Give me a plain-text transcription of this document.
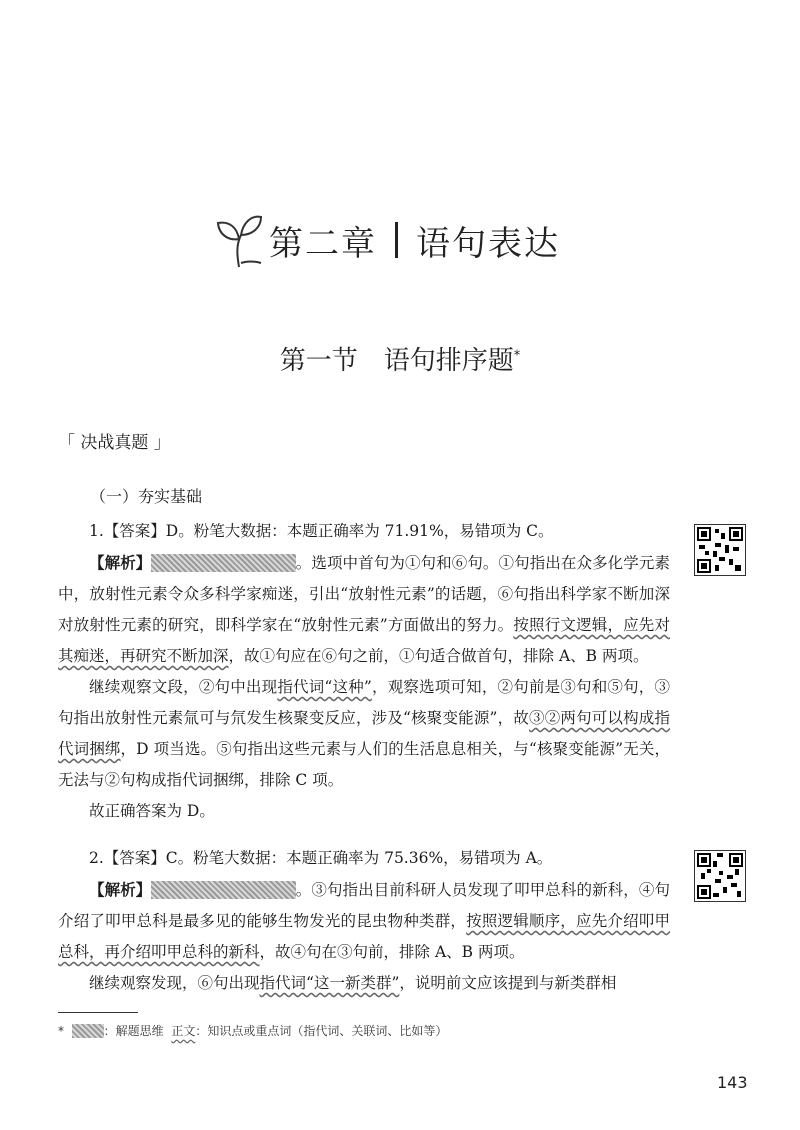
第二章 语句表达
第一节 语句排序题*
「 决战真题 」
（一）夯实基础

1.【答案】D。粉笔大数据：本题正确率为 71.91%，易错项为 C。

【解析】	。选项中首句为①句和⑥句。①句指出在众多化学元素中，放射性元素令众多科学家痴迷，引出“放射性元素”的话题，⑥句指出科学家不断加深对放射性元素的研究，即科学家在“放射性元素”方面做出的努力。按照行文逻辑，应先对其痴迷，再研究不断加深，故①句应在⑥句之前，①句适合做首句，排除 A、B 两项。

继续观察文段，②句中出现指代词“这种”，观察选项可知，②句前是③句和⑤句，③句指出放射性元素氚可与氘发生核聚变反应，涉及“核聚变能源”，故③②两句可以构成指代词捆绑，D 项当选。⑤句指出这些元素与人们的生活息息相关，与“核聚变能源”无关，无法与②句构成指代词捆绑，排除 C 项。

故正确答案为 D。

2.【答案】C。粉笔大数据：本题正确率为 75.36%，易错项为 A。

【解析】	。③句指出目前科研人员发现了叩甲总科的新科，④句介绍了叩甲总科是最多见的能够生物发光的昆虫物种类群，按照逻辑顺序，应先介绍叩甲总科，再介绍叩甲总科的新科，故④句在③句前，排除 A、B 两项。

继续观察发现，⑥句出现指代词“这一新类群”，说明前文应该提到与新类群相

*	：解题思维 正文：知识点或重点词（指代词、关联词、比如等）
143
